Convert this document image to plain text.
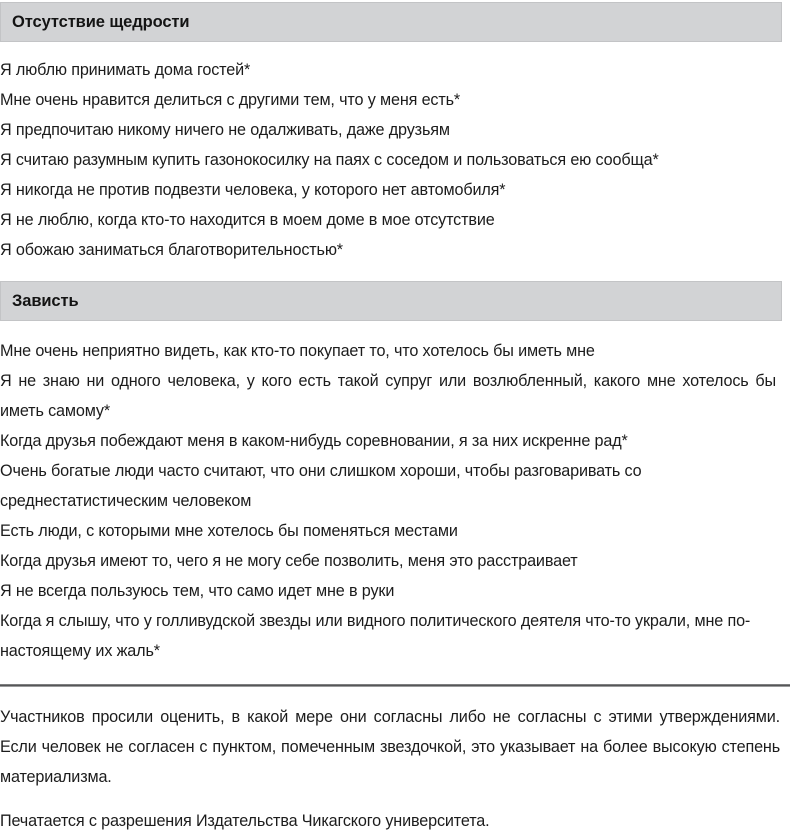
Отсутствие щедрости
Я люблю принимать дома гостей*
Мне очень нравится делиться с другими тем, что у меня есть*
Я предпочитаю никому ничего не одалживать, даже друзьям
Я считаю разумным купить газонокосилку на паях с соседом и пользоваться ею сообща*
Я никогда не против подвезти человека, у которого нет автомобиля*
Я не люблю, когда кто-то находится в моем доме в мое отсутствие
Я обожаю заниматься благотворительностью*
Зависть
Мне очень неприятно видеть, как кто-то покупает то, что хотелось бы иметь мне
Я не знаю ни одного человека, у кого есть такой супруг или возлюбленный, какого мне хотелось бы иметь самому*
Когда друзья побеждают меня в каком-нибудь соревновании, я за них искренне рад*
Очень богатые люди часто считают, что они слишком хороши, чтобы разговаривать со среднестатистическим человеком
Есть люди, с которыми мне хотелось бы поменяться местами
Когда друзья имеют то, чего я не могу себе позволить, меня это расстраивает
Я не всегда пользуюсь тем, что само идет мне в руки
Когда я слышу, что у голливудской звезды или видного политического деятеля что-то украли, мне по-настоящему их жаль*

Участников просили оценить, в какой мере они согласны либо не согласны с этими утверждениями. Если человек не согласен с пунктом, помеченным звездочкой, это указывает на более высокую степень материализма.

Печатается с разрешения Издательства Чикагского университета.
